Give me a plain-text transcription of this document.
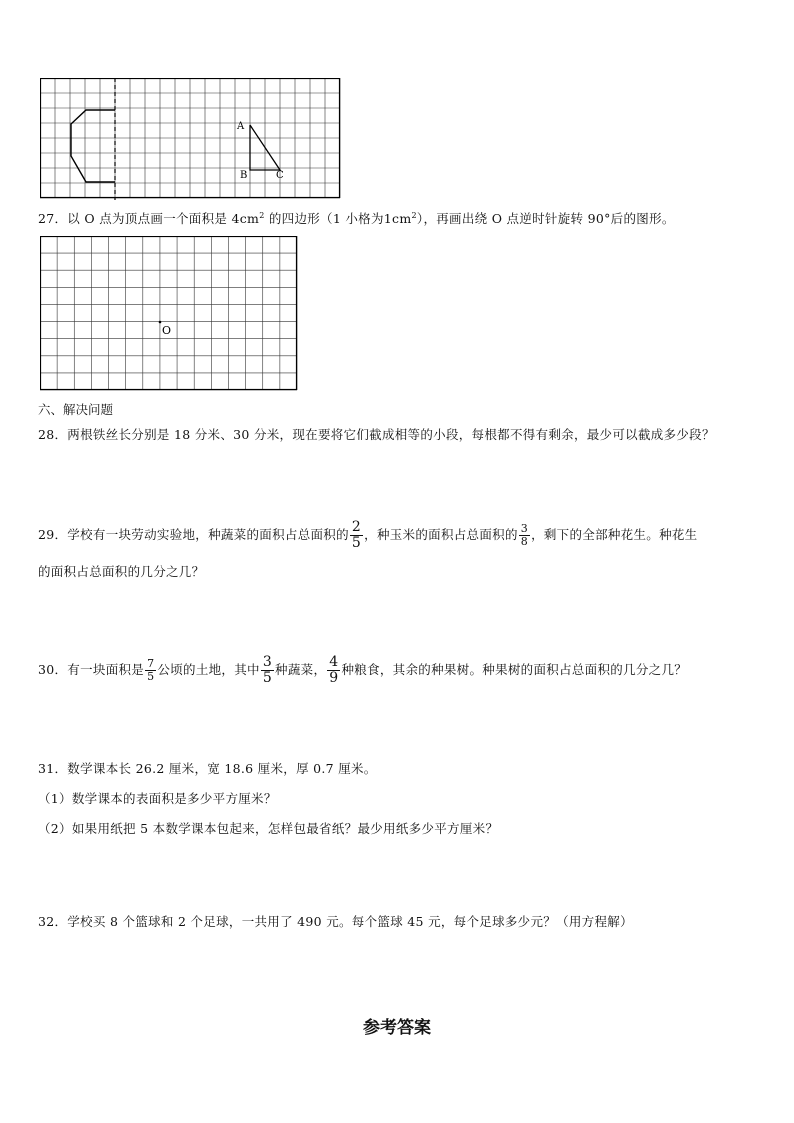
A
B	C
27．以 O 点为顶点画一个面积是 $4cm^2$ 的四边形（1 小格为$1cm^2$），再画出绕 O 点逆时针旋转 90°后的图形。
O
六、解决问题
28．两根铁丝长分别是 18 分米、30 分米，现在要将它们截成相等的小段，每根都不得有剩余，最少可以截成多少段？
29．学校有一块劳动实验地，种蔬菜的面积占总面积的 $\frac{2}{5}$ ，种玉米的面积占总面积的 $\frac{3}{8}$ ，剩下的全部种花生。种花生
的面积占总面积的几分之几？
30．有一块面积是 $\frac{7}{5}$ 公顷的土地，其中 $\frac{3}{5}$ 种蔬菜， $\frac{4}{9}$ 种粮食，其余的种果树。种果树的面积占总面积的几分之几？
31．数学课本长 26.2 厘米，宽 18.6 厘米，厚 0.7 厘米。
（1）数学课本的表面积是多少平方厘米？
（2）如果用纸把 5 本数学课本包起来，怎样包最省纸？最少用纸多少平方厘米？
32．学校买 8 个篮球和 2 个足球，一共用了 490 元。每个篮球 45 元，每个足球多少元？（用方程解）
参考答案
